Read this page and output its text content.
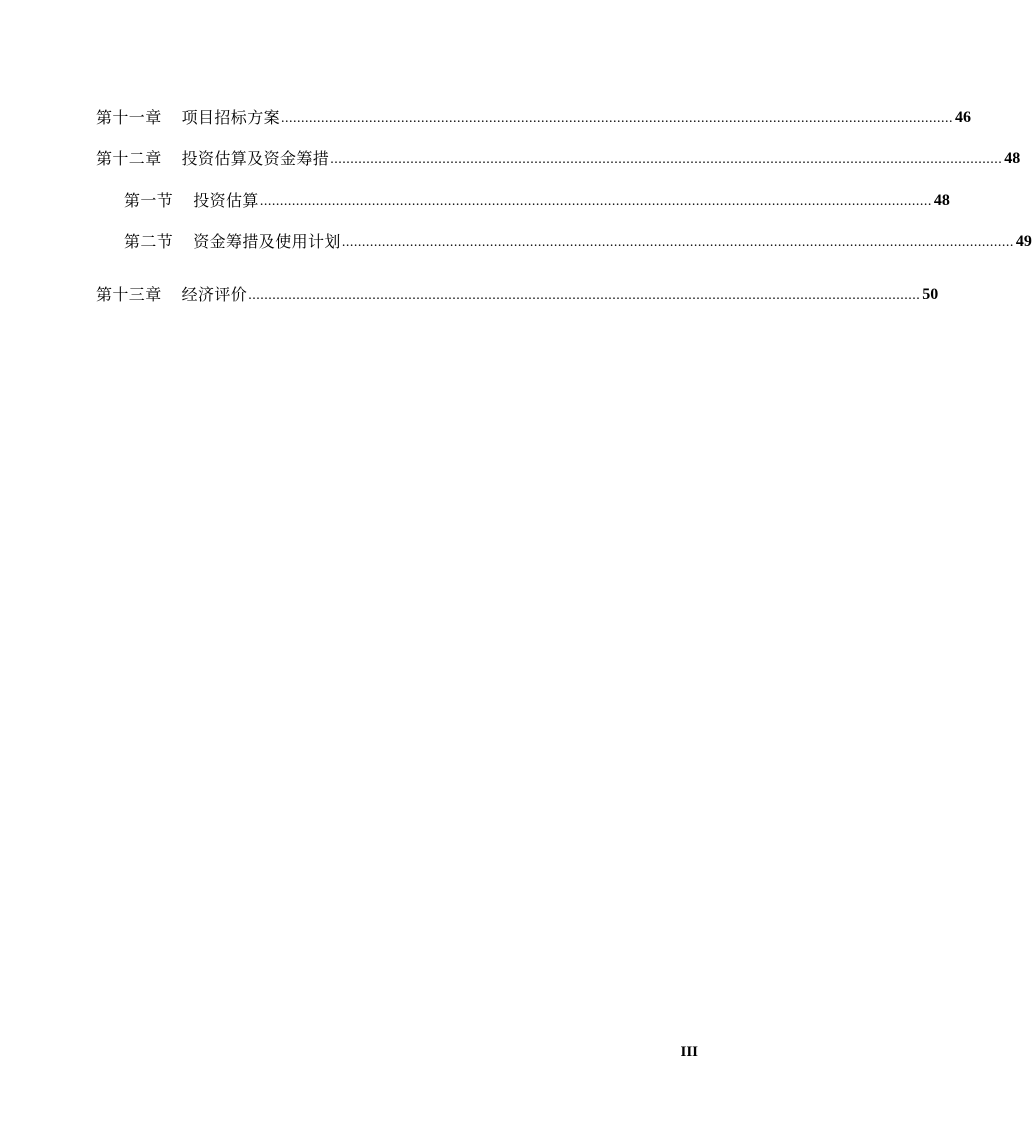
第十一章 项目招标方案 ........................................................................................................................................................................ 46
第十二章 投资估算及资金筹措 ........................................................................................................................................................................ 48
第一节 投资估算 ........................................................................................................................................................................ 48
第二节 资金筹措及使用计划 ........................................................................................................................................................................ 49
第十三章 经济评价 ........................................................................................................................................................................ 50
III
